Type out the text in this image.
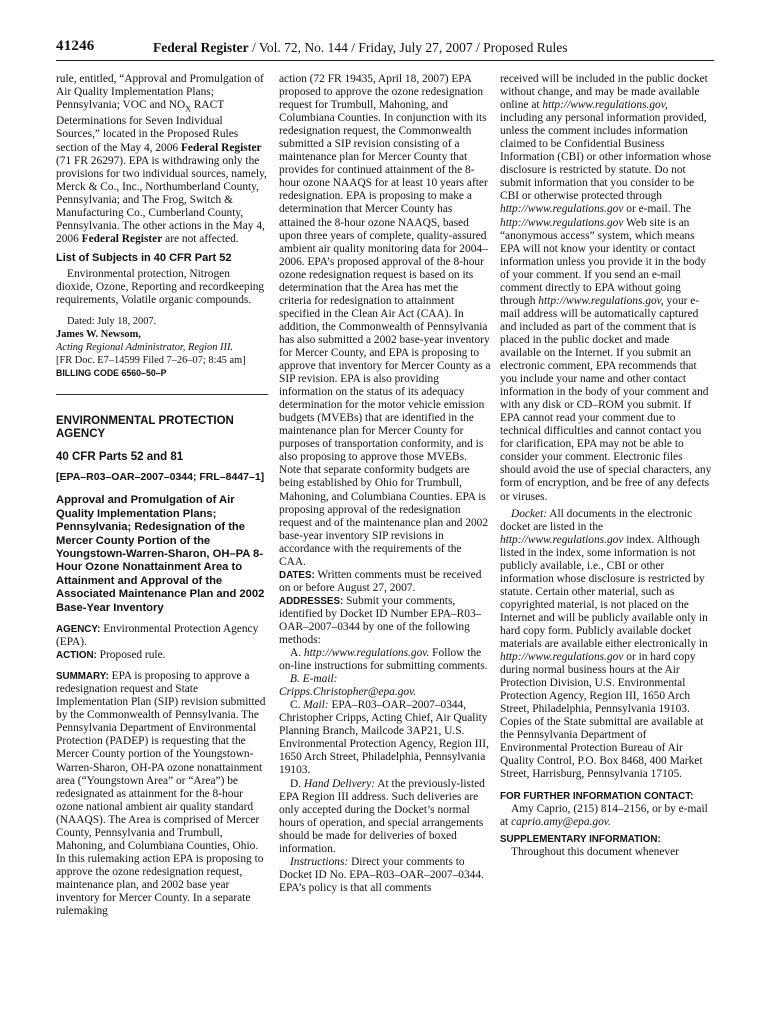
41246	Federal Register / Vol. 72, No. 144 / Friday, July 27, 2007 / Proposed Rules

rule, entitled, “Approval and Promulgation of Air Quality Implementation Plans; Pennsylvania; VOC and $NO_X$ RACT Determinations for Seven Individual Sources,” located in the Proposed Rules section of the May 4, 2006 Federal Register (71 FR 26297). EPA is withdrawing only the provisions for two individual sources, namely, Merck & Co., Inc., Northumberland County, Pennsylvania; and The Frog, Switch & Manufacturing Co., Cumberland County, Pennsylvania. The other actions in the May 4, 2006 Federal Register are not affected.

List of Subjects in 40 CFR Part 52

Environmental protection, Nitrogen dioxide, Ozone, Reporting and recordkeeping requirements, Volatile organic compounds.

Dated: July 18, 2007.

James W. Newsom,

Acting Regional Administrator, Region III.

[FR Doc. E7–14599 Filed 7–26–07; 8:45 am]

BILLING CODE 6560–50–P

ENVIRONMENTAL PROTECTION AGENCY

40 CFR Parts 52 and 81

[EPA–R03–OAR–2007–0344; FRL–8447–1]

Approval and Promulgation of Air Quality Implementation Plans; Pennsylvania; Redesignation of the Mercer County Portion of the Youngstown-Warren-Sharon, OH–PA 8-Hour Ozone Nonattainment Area to Attainment and Approval of the Associated Maintenance Plan and 2002 Base-Year Inventory

AGENCY: Environmental Protection Agency (EPA).

ACTION: Proposed rule.

SUMMARY: EPA is proposing to approve a redesignation request and State Implementation Plan (SIP) revision submitted by the Commonwealth of Pennsylvania. The Pennsylvania Department of Environmental Protection (PADEP) is requesting that the Mercer County portion of the Youngstown-Warren-Sharon, OH-PA ozone nonattainment area (“Youngstown Area” or “Area”) be redesignated as attainment for the 8-hour ozone national ambient air quality standard (NAAQS). The Area is comprised of Mercer County, Pennsylvania and Trumbull, Mahoning, and Columbiana Counties, Ohio. In this rulemaking action EPA is proposing to approve the ozone redesignation request, maintenance plan, and 2002 base year inventory for Mercer County. In a separate rulemaking

action (72 FR 19435, April 18, 2007) EPA proposed to approve the ozone redesignation request for Trumbull, Mahoning, and Columbiana Counties. In conjunction with its redesignation request, the Commonwealth submitted a SIP revision consisting of a maintenance plan for Mercer County that provides for continued attainment of the 8-hour ozone NAAQS for at least 10 years after redesignation. EPA is proposing to make a determination that Mercer County has attained the 8-hour ozone NAAQS, based upon three years of complete, quality-assured ambient air quality monitoring data for 2004–2006. EPA’s proposed approval of the 8-hour ozone redesignation request is based on its determination that the Area has met the criteria for redesignation to attainment specified in the Clean Air Act (CAA). In addition, the Commonwealth of Pennsylvania has also submitted a 2002 base-year inventory for Mercer County, and EPA is proposing to approve that inventory for Mercer County as a SIP revision. EPA is also providing information on the status of its adequacy determination for the motor vehicle emission budgets (MVEBs) that are identified in the maintenance plan for Mercer County for purposes of transportation conformity, and is also proposing to approve those MVEBs. Note that separate conformity budgets are being established by Ohio for Trumbull, Mahoning, and Columbiana Counties. EPA is proposing approval of the redesignation request and of the maintenance plan and 2002 base-year inventory SIP revisions in accordance with the requirements of the CAA.

DATES: Written comments must be received on or before August 27, 2007.

ADDRESSES: Submit your comments, identified by Docket ID Number EPA–R03–OAR–2007–0344 by one of the following methods:

A. http://www.regulations.gov. Follow the on-line instructions for submitting comments.

B. E-mail:

Cripps.Christopher@epa.gov.

C. Mail: EPA–R03–OAR–2007–0344, Christopher Cripps, Acting Chief, Air Quality Planning Branch, Mailcode 3AP21, U.S. Environmental Protection Agency, Region III, 1650 Arch Street, Philadelphia, Pennsylvania 19103.

D. Hand Delivery: At the previously-listed EPA Region III address. Such deliveries are only accepted during the Docket’s normal hours of operation, and special arrangements should be made for deliveries of boxed information.

Instructions: Direct your comments to Docket ID No. EPA–R03–OAR–2007–0344. EPA’s policy is that all comments

received will be included in the public docket without change, and may be made available online at http://www.regulations.gov, including any personal information provided, unless the comment includes information claimed to be Confidential Business Information (CBI) or other information whose disclosure is restricted by statute. Do not submit information that you consider to be CBI or otherwise protected through http://www.regulations.gov or e-mail. The http://www.regulations.gov Web site is an “anonymous access” system, which means EPA will not know your identity or contact information unless you provide it in the body of your comment. If you send an e-mail comment directly to EPA without going through http://www.regulations.gov, your e-mail address will be automatically captured and included as part of the comment that is placed in the public docket and made available on the Internet. If you submit an electronic comment, EPA recommends that you include your name and other contact information in the body of your comment and with any disk or CD–ROM you submit. If EPA cannot read your comment due to technical difficulties and cannot contact you for clarification, EPA may not be able to consider your comment. Electronic files should avoid the use of special characters, any form of encryption, and be free of any defects or viruses.

Docket: All documents in the electronic docket are listed in the http://www.regulations.gov index. Although listed in the index, some information is not publicly available, i.e., CBI or other information whose disclosure is restricted by statute. Certain other material, such as copyrighted material, is not placed on the Internet and will be publicly available only in hard copy form. Publicly available docket materials are available either electronically in http://www.regulations.gov or in hard copy during normal business hours at the Air Protection Division, U.S. Environmental Protection Agency, Region III, 1650 Arch Street, Philadelphia, Pennsylvania 19103. Copies of the State submittal are available at the Pennsylvania Department of Environmental Protection Bureau of Air Quality Control, P.O. Box 8468, 400 Market Street, Harrisburg, Pennsylvania 17105.

FOR FURTHER INFORMATION CONTACT:

Amy Caprio, (215) 814–2156, or by e-mail at caprio.amy@epa.gov.

SUPPLEMENTARY INFORMATION:

Throughout this document whenever
